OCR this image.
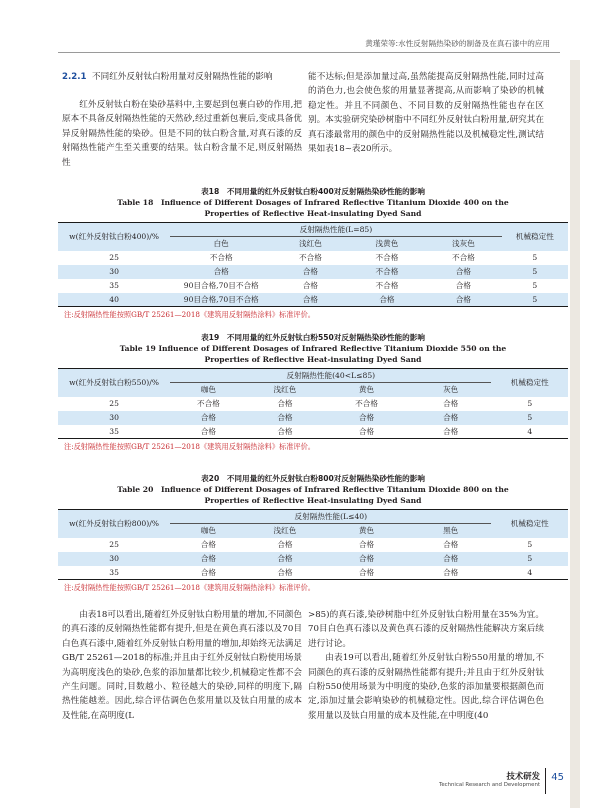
黄瑾荣等:水性反射隔热染砂的制备及在真石漆中的应用
2.2.1 不同红外反射钛白粉用量对反射隔热性能的影响

红外反射钛白粉在染砂基料中,主要起到包裹白砂的作用,把原本不具备反射隔热性能的天然砂,经过重新包裹后,变成具备优异反射隔热性能的染砂。但是不同的钛白粉含量,对真石漆的反射隔热性能产生至关重要的结果。钛白粉含量不足,则反射隔热性

能不达标;但是添加量过高,虽然能提高反射隔热性能,同时过高的消色力,也会使色浆的用量显著提高,从而影响了染砂的机械稳定性。并且不同颜色、不同目数的反射隔热性能也存在区别。本实验研究染砂树脂中不同红外反射钛白粉用量,研究其在真石漆最常用的颜色中的反射隔热性能以及机械稳定性,测试结果如表18~表20所示。

表18　不同用量的红外反射钛白粉400对反射隔热染砂性能的影响
Table 18　Influence of Different Dosages of Infrared Reflective Titanium Dioxide 400 on the
Properties of Reflective Heat-insulating Dyed Sand
w(红外反射钛白粉400)/%	反射隔热性能(L=85)				机械稳定性
	白色	浅红色	浅黄色	浅灰色	
25	不合格	不合格	不合格	不合格	5
30	合格	合格	不合格	合格	5
35	90目合格,70目不合格	合格	不合格	合格	5
40	90目合格,70目不合格	合格	合格	合格	5
注:反射隔热性能按照GB/T 25261—2018《建筑用反射隔热涂料》标准评价。
表19　不同用量的红外反射钛白粉550对反射隔热染砂性能的影响
Table 19 Influence of Different Dosages of Infrared Reflective Titanium Dioxide 550 on the
Properties of Reflective Heat-insulating Dyed Sand
w(红外反射钛白粉550)/%	反射隔热性能(40<L≤85)				机械稳定性
	咖色	浅红色	黄色	灰色	
25	不合格	合格	不合格	合格	5
30	合格	合格	合格	合格	5
35	合格	合格	合格	合格	4
注:反射隔热性能按照GB/T 25261—2018《建筑用反射隔热涂料》标准评价。
表20　不同用量的红外反射钛白粉800对反射隔热染砂性能的影响
Table 20　Influence of Different Dosages of Infrared Reflective Titanium Dioxide 800 on the
Properties of Reflective Heat-insulating Dyed Sand
w(红外反射钛白粉800)/%	反射隔热性能(L≤40)				机械稳定性
	咖色	浅红色	黄色	黑色	
25	合格	合格	合格	合格	5
30	合格	合格	合格	合格	5
35	合格	合格	合格	合格	4
注:反射隔热性能按照GB/T 25261—2018《建筑用反射隔热涂料》标准评价。

由表18可以看出,随着红外反射钛白粉用量的增加,不同颜色的真石漆的反射隔热性能都有提升,但是在黄色真石漆以及70目白色真石漆中,随着红外反射钛白粉用量的增加,却始终无法满足GB/T 25261—2018的标准;并且由于红外反射钛白粉使用场景为高明度浅色的染砂,色浆的添加量都比较少,机械稳定性都不会产生问题。同时,目数越小、粒径越大的染砂,同样的明度下,隔热性能越差。因此,综合评估调色色浆用量以及钛白用量的成本及性能,在高明度(L

>85)的真石漆,染砂树脂中红外反射钛白粉用量在35%为宜。70目白色真石漆以及黄色真石漆的反射隔热性能解决方案后续进行讨论。

由表19可以看出,随着红外反射钛白粉550用量的增加,不同颜色的真石漆的反射隔热性能都有提升;并且由于红外反射钛白粉550使用场景为中明度的染砂,色浆的添加量要根据颜色而定,添加过量会影响染砂的机械稳定性。因此,综合评估调色色浆用量以及钛白用量的成本及性能,在中明度(40

技术研发
Technical Research and Development
45
